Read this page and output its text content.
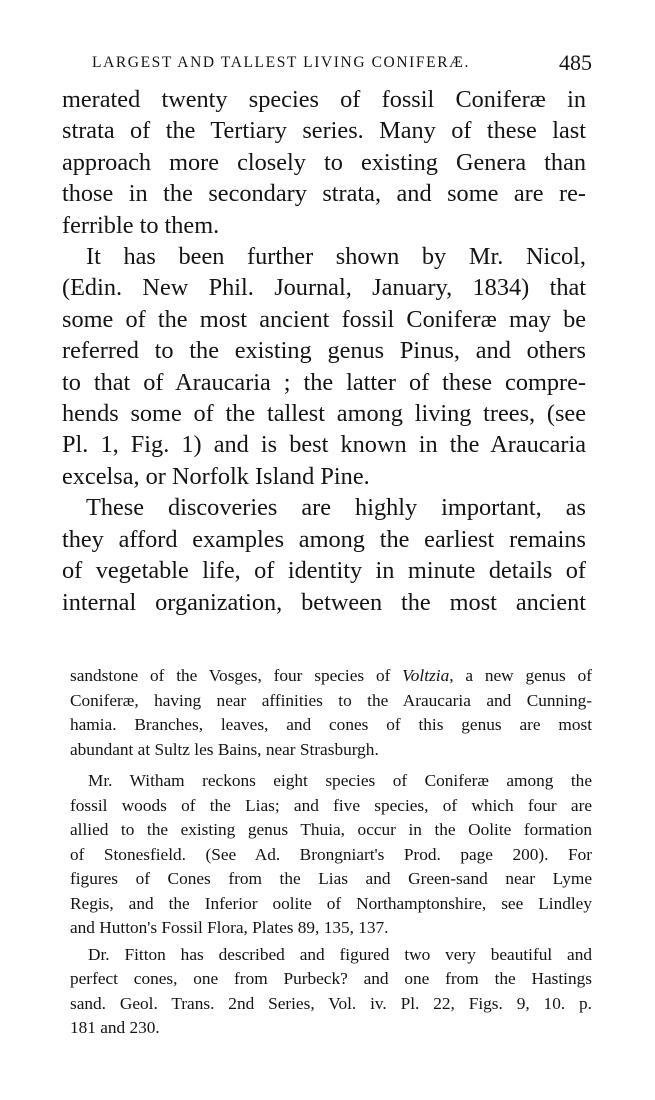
LARGEST AND TALLEST LIVING CONIFERÆ.	485

merated twenty species of fossil Coniferæ in

strata of the Tertiary series. Many of these last

approach more closely to existing Genera than

those in the secondary strata, and some are re-

ferrible to them.

It has been further shown by Mr. Nicol,

(Edin. New Phil. Journal, January, 1834) that

some of the most ancient fossil Coniferæ may be

referred to the existing genus Pinus, and others

to that of Araucaria ; the latter of these compre-

hends some of the tallest among living trees, (see

Pl. 1, Fig. 1) and is best known in the Araucaria

excelsa, or Norfolk Island Pine.

These discoveries are highly important, as

they afford examples among the earliest remains

of vegetable life, of identity in minute details of

internal organization, between the most ancient

sandstone of the Vosges, four species of Voltzia, a new genus of

Coniferæ, having near affinities to the Araucaria and Cunning-

hamia. Branches, leaves, and cones of this genus are most

abundant at Sultz les Bains, near Strasburgh.

Mr. Witham reckons eight species of Coniferæ among the

fossil woods of the Lias; and five species, of which four are

allied to the existing genus Thuia, occur in the Oolite formation

of Stonesfield. (See Ad. Brongniart's Prod. page 200). For

figures of Cones from the Lias and Green-sand near Lyme

Regis, and the Inferior oolite of Northamptonshire, see Lindley

and Hutton's Fossil Flora, Plates 89, 135, 137.

Dr. Fitton has described and figured two very beautiful and

perfect cones, one from Purbeck? and one from the Hastings

sand. Geol. Trans. 2nd Series, Vol. iv. Pl. 22, Figs. 9, 10. p.

181 and 230.
